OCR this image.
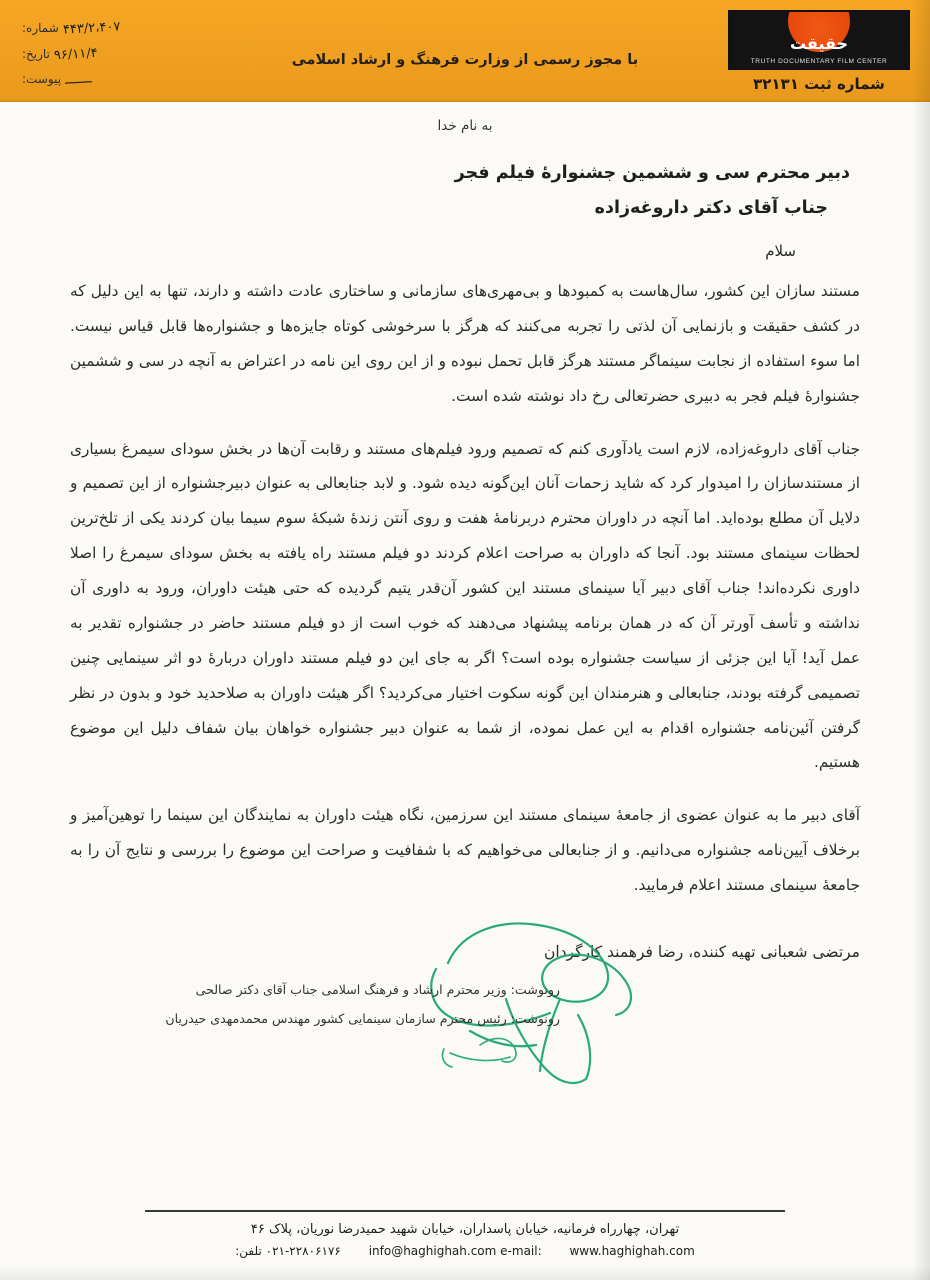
۴۴۳/۲،۴۰۷شماره:
۹۶/۱۱/۴تاریخ:
ـــــــپیوست:
با مجوز رسمی از وزارت فرهنگ و ارشاد اسلامی
حقیقت
TRUTH DOCUMENTARY FILM CENTER
شماره ثبت ۳۲۱۳۱
به نام خدا
دبیر محترم سی و ششمین جشنوارهٔ فیلم فجر
جناب آقای دکتر داروغه‌زاده
سلام

مستند سازان این کشور، سال‌هاست به کمبودها و بی‌مهری‌های سازمانی و ساختاری عادت داشته و دارند، تنها به این دلیل که در کشف حقیقت و بازنمایی آن لذتی را تجربه می‌کنند که هرگز با سرخوشی کوتاه جایزه‌ها و جشنواره‌ها قابل قیاس نیست. اما سوء استفاده از نجابت سینماگر مستند هرگز قابل تحمل نبوده و از این روی این نامه در اعتراض به آنچه در سی و ششمین جشنوارهٔ فیلم فجر به دبیری حضرتعالی رخ داد نوشته شده است.

جناب آقای داروغه‌زاده، لازم است یادآوری کنم که تصمیم ورود فیلم‌های مستند و رقابت آن‌ها در بخش سودای سیمرغ بسیاری از مستندسازان را امیدوار کرد که شاید زحمات آنان این‌گونه دیده شود. و لابد جنابعالی به عنوان دبیرجشنواره از این تصمیم و دلایل آن مطلع بوده‌اید. اما آنچه در داوران محترم دربرنامهٔ هفت و روی آنتن زندهٔ شبکهٔ سوم سیما بیان کردند یکی از تلخ‌ترین لحظات سینمای مستند بود. آنجا که داوران به صراحت اعلام کردند دو فیلم مستند راه یافته به بخش سودای سیمرغ را اصلا داوری نکرده‌اند! جناب آقای دبیر آیا سینمای مستند این کشور آن‌قدر یتیم گردیده که حتی هیئت داوران، ورود به داوری آن نداشته و تأسف آورتر آن که در همان برنامه پیشنهاد می‌دهند که خوب است از دو فیلم مستند حاضر در جشنواره تقدیر به عمل آید! آیا این جزئی از سیاست جشنواره بوده است؟ اگر به جای این دو فیلم مستند داوران دربارهٔ دو اثر سینمایی چنین تصمیمی گرفته بودند، جنابعالی و هنرمندان این گونه سکوت اختیار می‌کردید؟ اگر هیئت داوران به صلاحدید خود و بدون در نظر گرفتن آئین‌نامه جشنواره اقدام به این عمل نموده، از شما به عنوان دبیر جشنواره خواهان بیان شفاف دلیل این موضوع هستیم.

آقای دبیر ما به عنوان عضوی از جامعهٔ سینمای مستند این سرزمین، نگاه هیئت داوران به نمایندگان این سینما را توهین‌آمیز و برخلاف آیین‌نامه جشنواره می‌دانیم. و از جنابعالی می‌خواهیم که با شفافیت و صراحت این موضوع را بررسی و نتایج آن را به جامعهٔ سینمای مستند اعلام فرمایید.

مرتضی شعبانی تهیه کننده، رضا فرهمند کارگردان
رونوشت: وزیر محترم ارشاد و فرهنگ اسلامی جناب آقای دکتر صالحی
رونوشت: رئیس محترم سازمان سینمایی کشور مهندس محمدمهدی حیدریان
تهران، چهارراه فرمانیه، خیابان پاسداران، خیابان شهید حمیدرضا نوریان، پلاک ۴۶
www.haghighah.com e-mail: info@haghighah.com ۰۲۱-۲۲۸۰۶۱۷۶ تلفن:
